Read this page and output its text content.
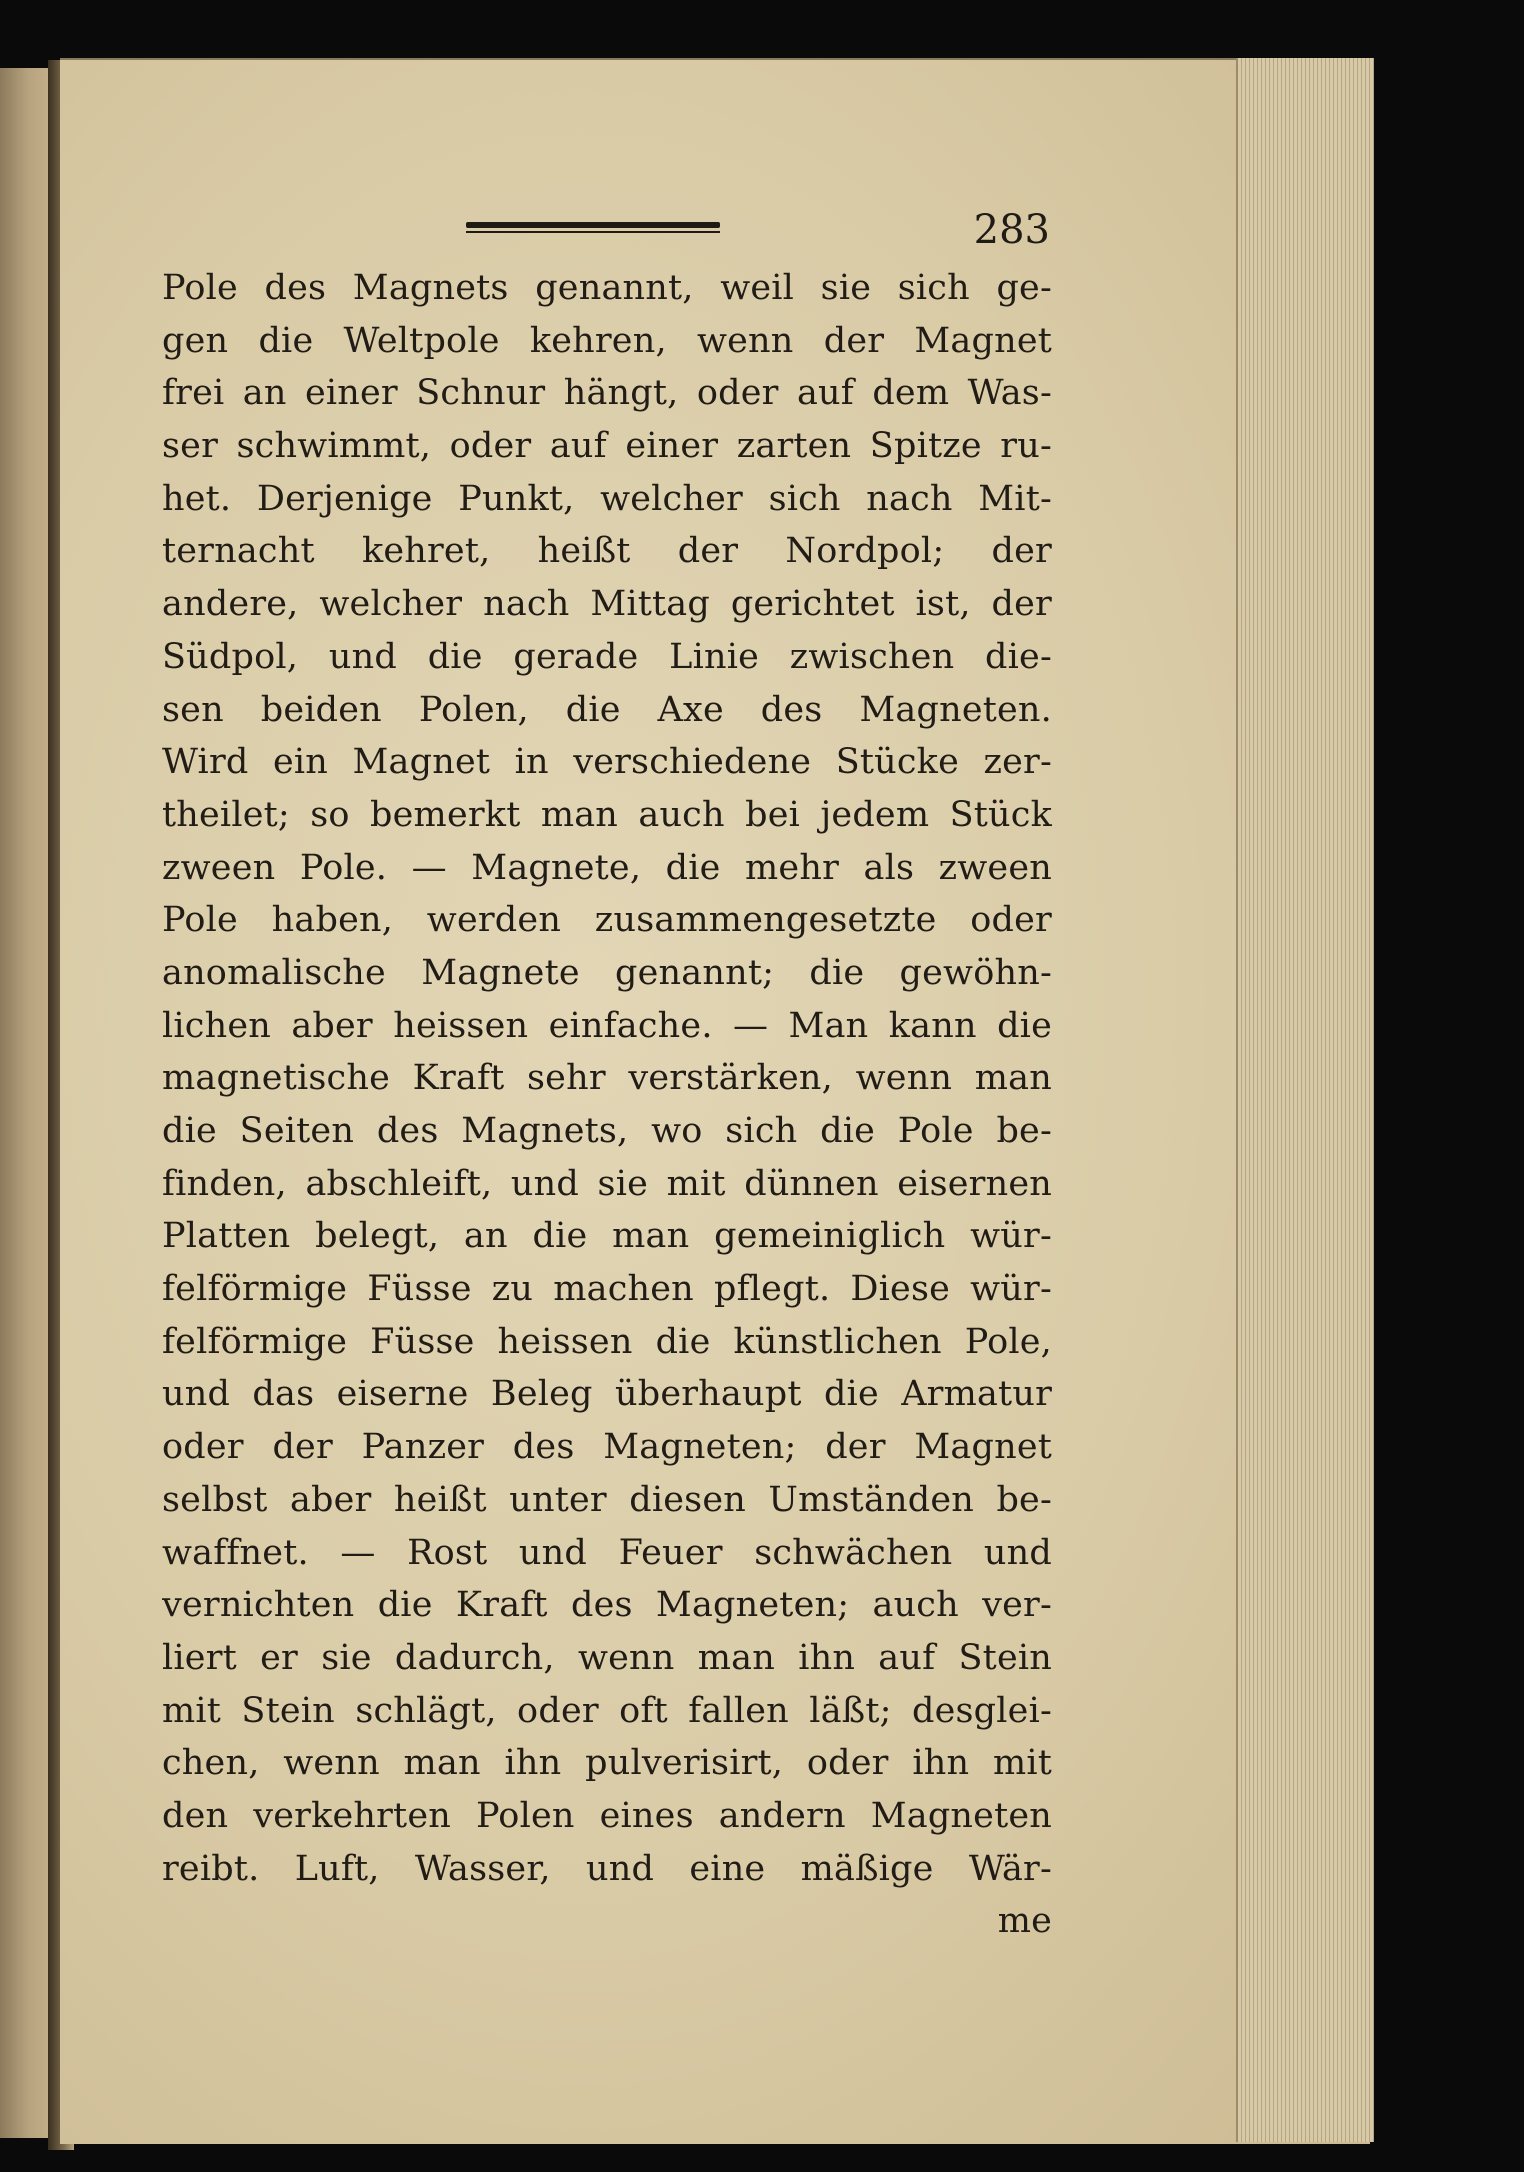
283
Pole des Magnets genannt, weil sie sich ge-
gen die Weltpole kehren, wenn der Magnet
frei an einer Schnur hängt, oder auf dem Was-
ser schwimmt, oder auf einer zarten Spitze ru-
het. Derjenige Punkt, welcher sich nach Mit-
ternacht kehret, heißt der Nordpol; der
andere, welcher nach Mittag gerichtet ist, der
Südpol, und die gerade Linie zwischen die-
sen beiden Polen, die Axe des Magneten.
Wird ein Magnet in verschiedene Stücke zer-
theilet; so bemerkt man auch bei jedem Stück
zween Pole. — Magnete, die mehr als zween
Pole haben, werden zusammengesetzte oder
anomalische Magnete genannt; die gewöhn-
lichen aber heissen einfache. — Man kann die
magnetische Kraft sehr verstärken, wenn man
die Seiten des Magnets, wo sich die Pole be-
finden, abschleift, und sie mit dünnen eisernen
Platten belegt, an die man gemeiniglich wür-
felförmige Füsse zu machen pflegt. Diese wür-
felförmige Füsse heissen die künstlichen Pole,
und das eiserne Beleg überhaupt die Armatur
oder der Panzer des Magneten; der Magnet
selbst aber heißt unter diesen Umständen be-
waffnet. — Rost und Feuer schwächen und
vernichten die Kraft des Magneten; auch ver-
liert er sie dadurch, wenn man ihn auf Stein
mit Stein schlägt, oder oft fallen läßt; desglei-
chen, wenn man ihn pulverisirt, oder ihn mit
den verkehrten Polen eines andern Magneten
reibt. Luft, Wasser, und eine mäßige Wär-
me
